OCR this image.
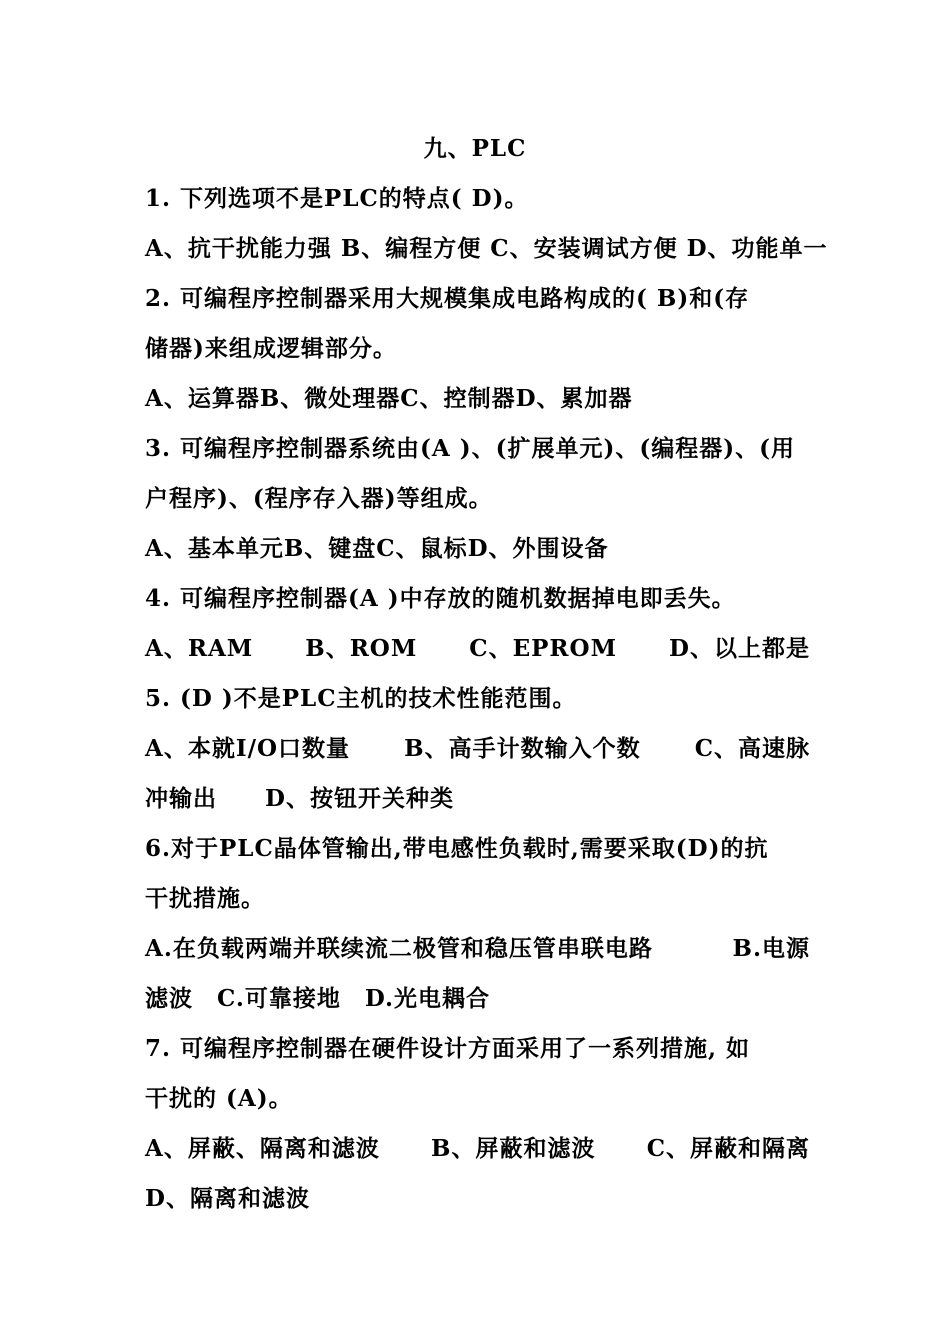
九、PLC
1. 下列选项不是PLC的特点( D)。
A、抗干扰能力强 B、编程方便 C、安装调试方便 D、功能单一
2. 可编程序控制器采用大规模集成电路构成的( B)和(存
储器)来组成逻辑部分。
A、运算器B、微处理器C、控制器D、累加器
3. 可编程序控制器系统由(A )、(扩展单元)、(编程器)、(用
户程序)、(程序存入器)等组成。
A、基本单元B、键盘C、鼠标D、外围设备
4. 可编程序控制器(A )中存放的随机数据掉电即丢失。
A、RAM B、ROM C、EPROM D、以上都是
5. (D )不是PLC主机的技术性能范围。
A、本就I/O口数量 B、高手计数输入个数 C、高速脉
冲输出　　D、按钮开关种类
6.对于PLC晶体管输出,带电感性负载时,需要采取(D)的抗
干扰措施。
A.在负载两端并联续流二极管和稳压管串联电路	B.电源
滤波　C.可靠接地　D.光电耦合
7. 可编程序控制器在硬件设计方面采用了一系列措施, 如
干扰的 (A)。
A、屏蔽、隔离和滤波 B、屏蔽和滤波 C、屏蔽和隔离
D、隔离和滤波
